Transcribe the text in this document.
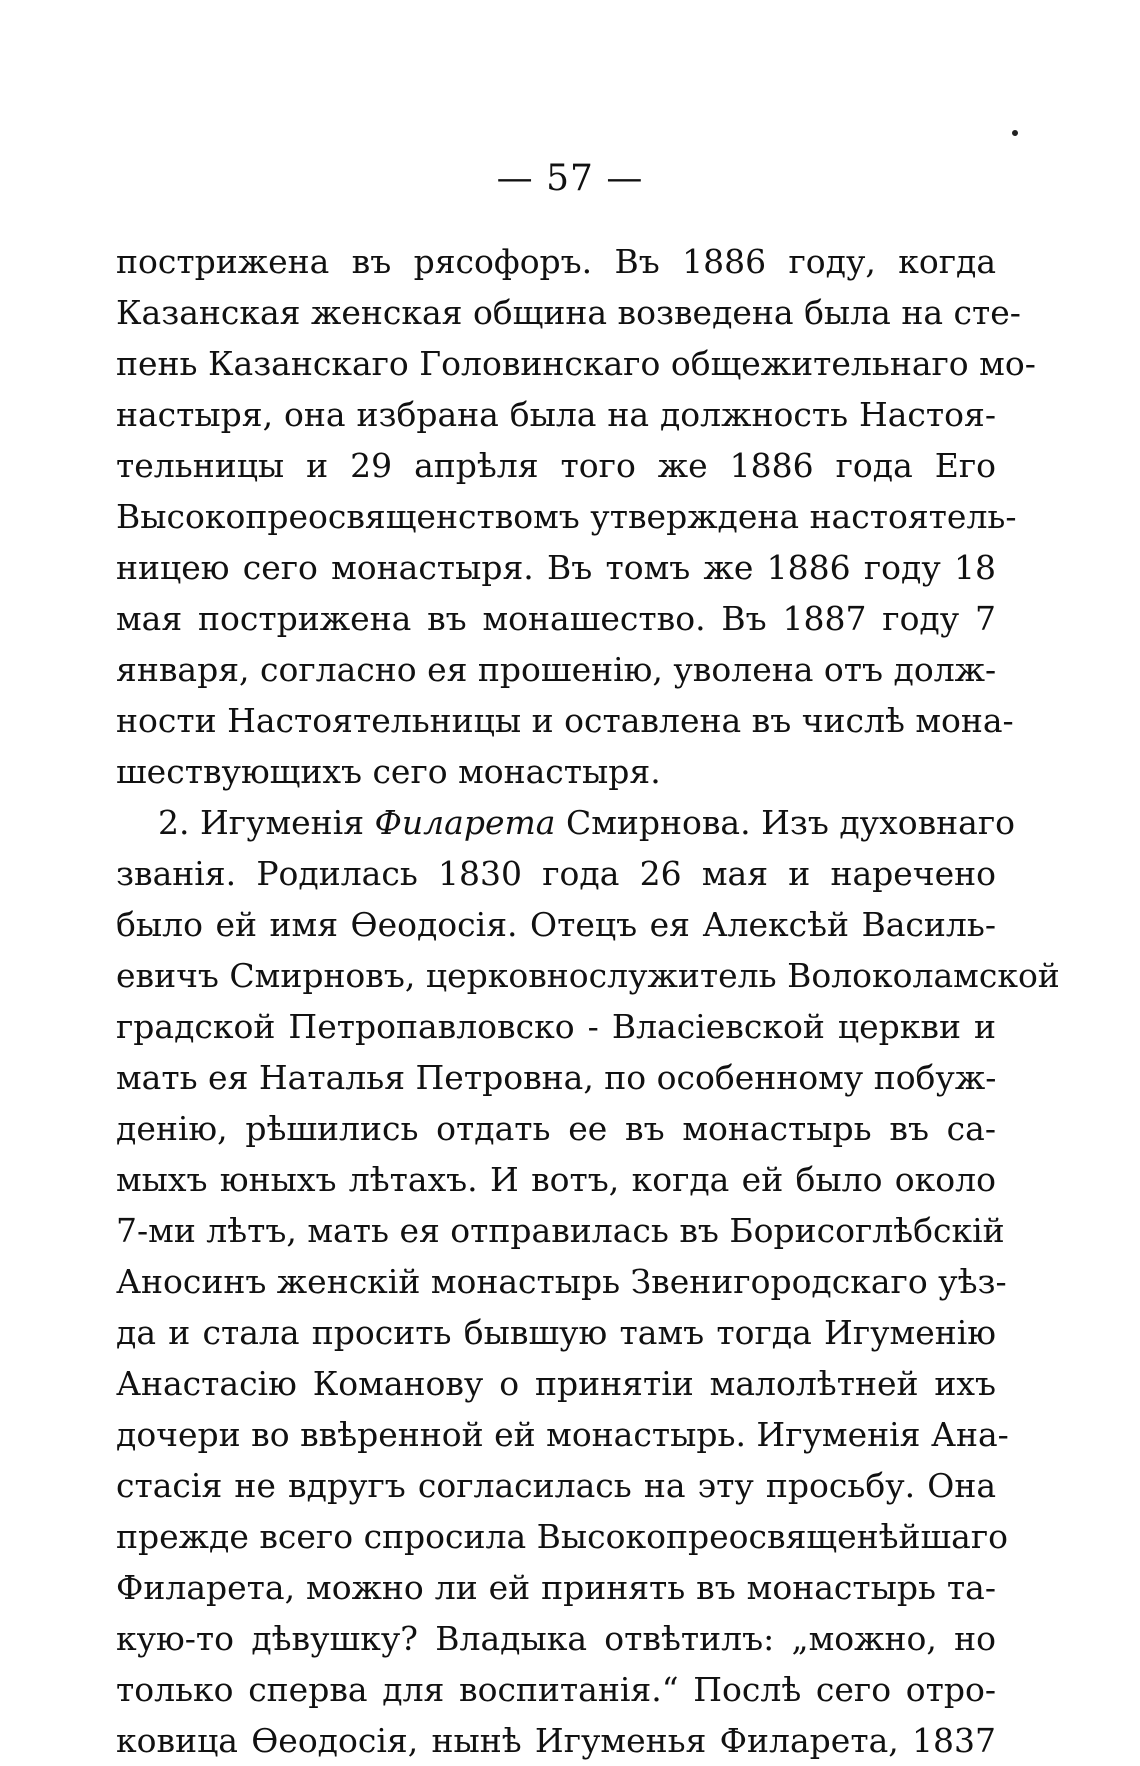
— 57 —
пострижена въ рясофоръ. Въ 1886 году, когда
Казанская женская община возведена была на сте-
пень Казанскаго Головинскаго общежительнаго мо-
настыря, она избрана была на должность Настоя-
тельницы и 29 апрѣля того же 1886 года Его
Высокопреосвященствомъ утверждена настоятель-
ницею сего монастыря. Въ томъ же 1886 году 18
мая пострижена въ монашество. Въ 1887 году 7
января, согласно ея прошенію, уволена отъ долж-
ности Настоятельницы и оставлена въ числѣ мона-
шествующихъ сего монастыря.
2. Игуменія Филарета Смирнова. Изъ духовнаго
званія. Родилась 1830 года 26 мая и наречено
было ей имя Өеодосія. Отецъ ея Алексѣй Василь-
евичъ Смирновъ, церковнослужитель Волоколамской
градской Петропавловско - Власіевской церкви и
мать ея Наталья Петровна, по особенному побуж-
денію, рѣшились отдать ее въ монастырь въ са-
мыхъ юныхъ лѣтахъ. И вотъ, когда ей было около
7-ми лѣтъ, мать ея отправилась въ Борисоглѣбскій
Аносинъ женскій монастырь Звенигородскаго уѣз-
да и стала просить бывшую тамъ тогда Игуменію
Анастасію Команову о принятіи малолѣтней ихъ
дочери во ввѣренной ей монастырь. Игуменія Ана-
стасія не вдругъ согласилась на эту просьбу. Она
прежде всего спросила Высокопреосвященѣйшаго
Филарета, можно ли ей принять въ монастырь та-
кую-то дѣвушку? Владыка отвѣтилъ: „можно, но
только сперва для воспитанія.“ Послѣ сего отро-
ковица Өеодосія, нынѣ Игуменья Филарета, 1837
